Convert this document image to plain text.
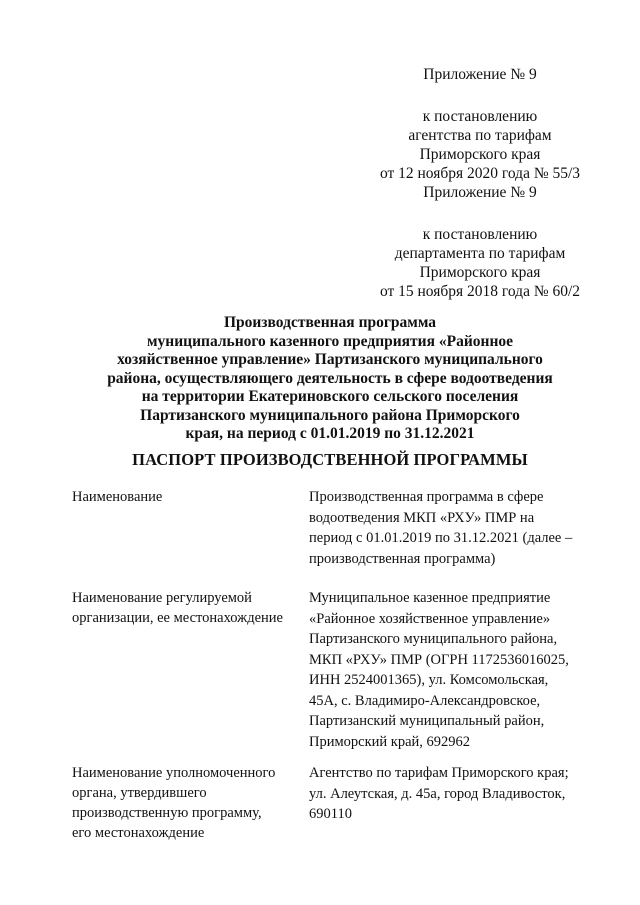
Приложение № 9
к постановлению
агентства по тарифам
Приморского края
от 12 ноября 2020 года № 55/3
Приложение № 9
к постановлению
департамента по тарифам
Приморского края
от 15 ноября 2018 года № 60/2
Производственная программа
муниципального казенного предприятия «Районное
хозяйственное управление» Партизанского муниципального
района, осуществляющего деятельность в сфере водоотведения
на территории Екатериновского сельского поселения
Партизанского муниципального района Приморского
края, на период с 01.01.2019 по 31.12.2021
ПАСПОРТ ПРОИЗВОДСТВЕННОЙ ПРОГРАММЫ
Наименование	Производственная программа в сфере
водоотведения МКП «РХУ» ПМР на
период с 01.01.2019 по 31.12.2021 (далее –
производственная программа)
Наименование регулируемой
организации, ее местонахождение
Муниципальное казенное предприятие
«Районное хозяйственное управление»
Партизанского муниципального района,
МКП «РХУ» ПМР (ОГРН 1172536016025,
ИНН 2524001365), ул. Комсомольская,
45А, с. Владимиро-Александровское,
Партизанский муниципальный район,
Приморский край, 692962
Наименование уполномоченного
органа, утвердившего
производственную программу,
его местонахождение
Агентство по тарифам Приморского края;
ул. Алеутская, д. 45а, город Владивосток,
690110
